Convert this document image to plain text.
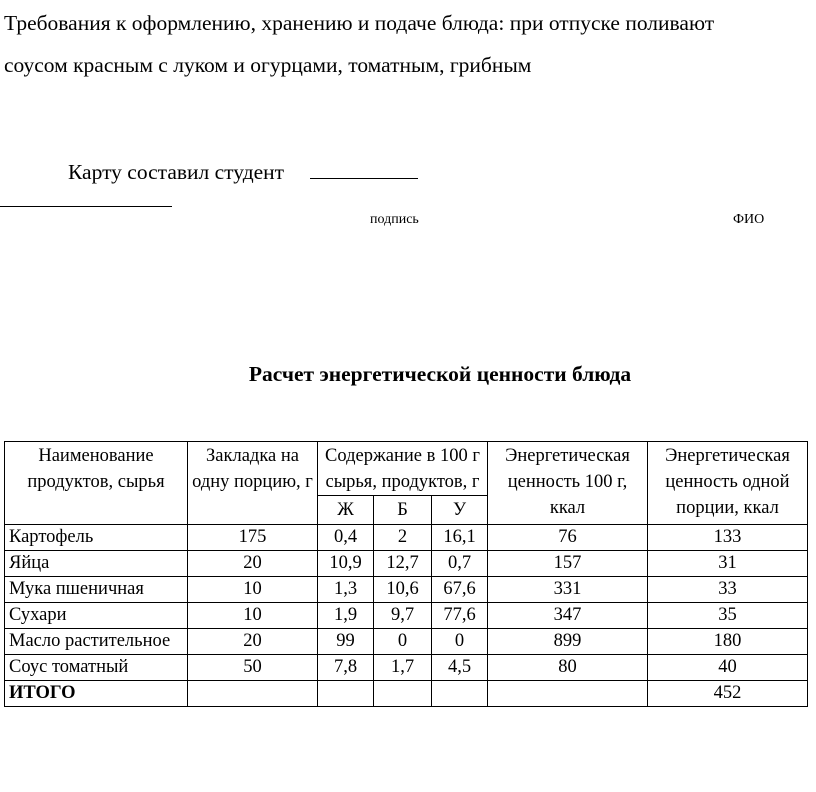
Требования к оформлению, хранению и подаче блюда: при отпуске поливают
соусом красным с луком и огурцами, томатным, грибным

Карту составил студент
подпись	ФИО
Расчет энергетической ценности блюда
Наименование продуктов, сырья	Закладка на одну порцию, г	Содержание в 100 г сырья, продуктов, г			Энергетическая ценность 100 г, ккал	Энергетическая ценность одной порции, ккал
		Ж	Б	У		
Картофель	175	0,4	2	16,1	76	133
Яйца	20	10,9	12,7	0,7	157	31
Мука пшеничная	10	1,3	10,6	67,6	331	33
Сухари	10	1,9	9,7	77,6	347	35
Масло растительное	20	99	0	0	899	180
Соус томатный	50	7,8	1,7	4,5	80	40
ИТОГО						452
